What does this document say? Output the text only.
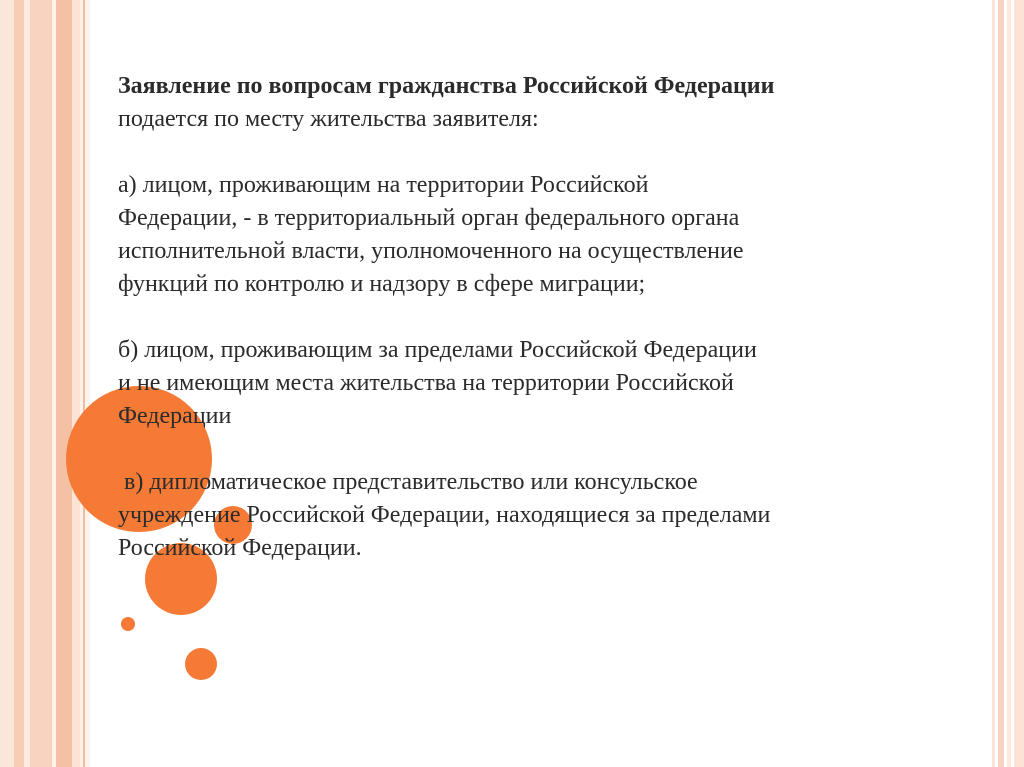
Заявление по вопросам гражданства Российской Федерации

подается по месту жительства заявителя:

а) лицом, проживающим на территории Российской

Федерации, - в территориальный орган федерального органа

исполнительной власти, уполномоченного на осуществление

функций по контролю и надзору в сфере миграции;

б) лицом, проживающим за пределами Российской Федерации

и не имеющим места жительства на территории Российской

Федерации

в) дипломатическое представительство или консульское

учреждение Российской Федерации, находящиеся за пределами

Российской Федерации.
